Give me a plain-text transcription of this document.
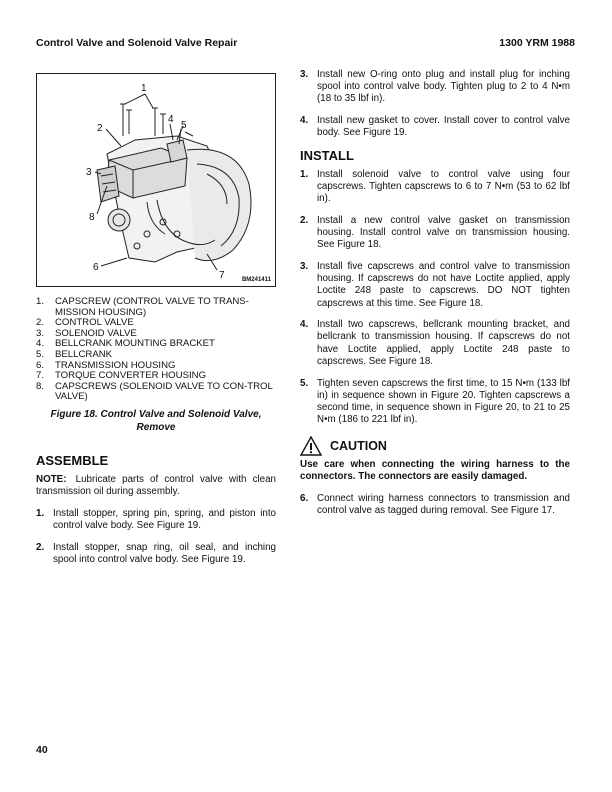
Control Valve and Solenoid Valve Repair	1300 YRM 1988
1
2
3
4
5
6
7
8
BM241411
1. CAPSCREW (CONTROL VALVE TO TRANS-MISSION HOUSING)
2. CONTROL VALVE
3. SOLENOID VALVE
4. BELLCRANK MOUNTING BRACKET
5. BELLCRANK
6. TRANSMISSION HOUSING
7. TORQUE CONVERTER HOUSING
8. CAPSCREWS (SOLENOID VALVE TO CON-TROL VALVE)
Figure 18. Control Valve and Solenoid Valve, Remove
ASSEMBLE

NOTE: Lubricate parts of control valve with clean transmission oil during assembly.

1. Install stopper, spring pin, spring, and piston into control valve body. See Figure 19.
2. Install stopper, snap ring, oil seal, and inching spool into control valve body. See Figure 19.
3. Install new O-ring onto plug and install plug for inching spool into control valve body. Tighten plug to 2 to 4 N•m (18 to 35 lbf in).
4. Install new gasket to cover. Install cover to control valve body. See Figure 19.
INSTALL
1. Install solenoid valve to control valve using four capscrews. Tighten capscrews to 6 to 7 N•m (53 to 62 lbf in).
2. Install a new control valve gasket on transmission housing. Install control valve on transmission housing. See Figure 18.
3. Install five capscrews and control valve to transmission housing. If capscrews do not have Loctite applied, apply Loctite 248 paste to capscrews. DO NOT tighten capscrews at this time. See Figure 18.
4. Install two capscrews, bellcrank mounting bracket, and bellcrank to transmission housing. If capscrews do not have Loctite applied, apply Loctite 248 paste to capscrews. See Figure 18.
5. Tighten seven capscrews the first time, to 15 N•m (133 lbf in) in sequence shown in Figure 20. Tighten capscrews a second time, in sequence shown in Figure 20, to 21 to 25 N•m (186 to 221 lbf in).
CAUTION

Use care when connecting the wiring harness to the connectors. The connectors are easily damaged.

6. Connect wiring harness connectors to transmission and control valve as tagged during removal. See Figure 17.
40
